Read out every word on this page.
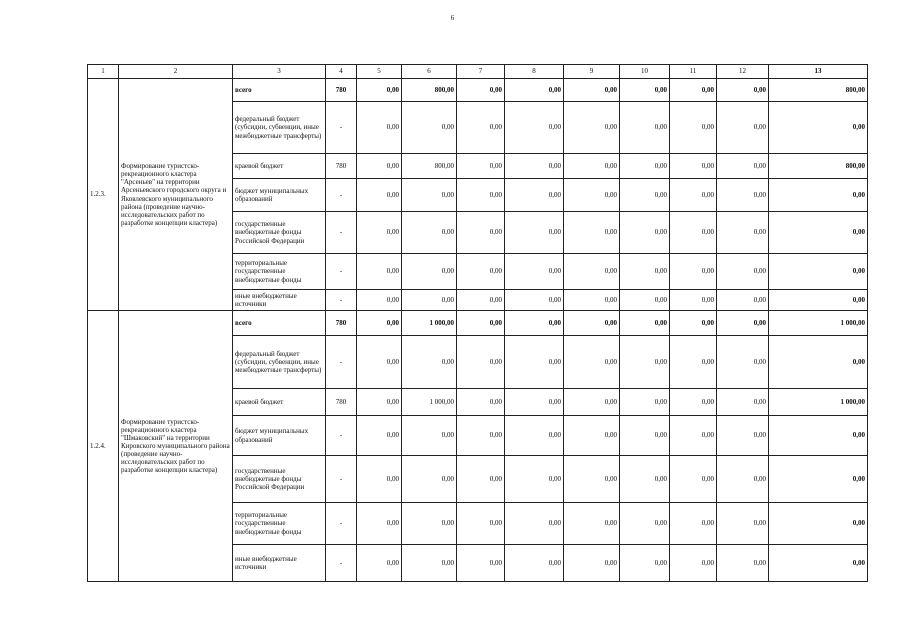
6
1	2	3	4	5	6	7	8	9	10	11	12	13
1.2.3.	Формирование туристско-рекреационного кластера "Арсеньев" на территории Арсеньевского городского округа и Яковлевского муниципального района (проведение научно-исследовательских работ по разработке концепции кластера)	всего	780	0,00	800,00	0,00	0,00	0,00	0,00	0,00	0,00	800,00
		федеральный бюджет (субсидии, субвенции, иные межбюджетные трансферты)	-	0,00	0,00	0,00	0,00	0,00	0,00	0,00	0,00	0,00
		краевой бюджет	780	0,00	800,00	0,00	0,00	0,00	0,00	0,00	0,00	800,00
		бюджет муниципальных образований	-	0,00	0,00	0,00	0,00	0,00	0,00	0,00	0,00	0,00
		государственные внебюджетные фонды Российской Федерации	-	0,00	0,00	0,00	0,00	0,00	0,00	0,00	0,00	0,00
		территориальные государственные внебюджетные фонды	-	0,00	0,00	0,00	0,00	0,00	0,00	0,00	0,00	0,00
		иные внебюджетные источники	-	0,00	0,00	0,00	0,00	0,00	0,00	0,00	0,00	0,00
1.2.4.	Формирование туристско-рекреационного кластера "Шмаковский" на территории Кировского муниципального района (проведение научно-исследовательских работ по разработке концепции кластера)	всего	780	0,00	1 000,00	0,00	0,00	0,00	0,00	0,00	0,00	1 000,00
		федеральный бюджет (субсидии, субвенции, иные межбюджетные трансферты)	-	0,00	0,00	0,00	0,00	0,00	0,00	0,00	0,00	0,00
		краевой бюджет	780	0,00	1 000,00	0,00	0,00	0,00	0,00	0,00	0,00	1 000,00
		бюджет муниципальных образований	-	0,00	0,00	0,00	0,00	0,00	0,00	0,00	0,00	0,00
		государственные внебюджетные фонды Российской Федерации	-	0,00	0,00	0,00	0,00	0,00	0,00	0,00	0,00	0,00
		территориальные государственные внебюджетные фонды	-	0,00	0,00	0,00	0,00	0,00	0,00	0,00	0,00	0,00
		иные внебюджетные источники	-	0,00	0,00	0,00	0,00	0,00	0,00	0,00	0,00	0,00
